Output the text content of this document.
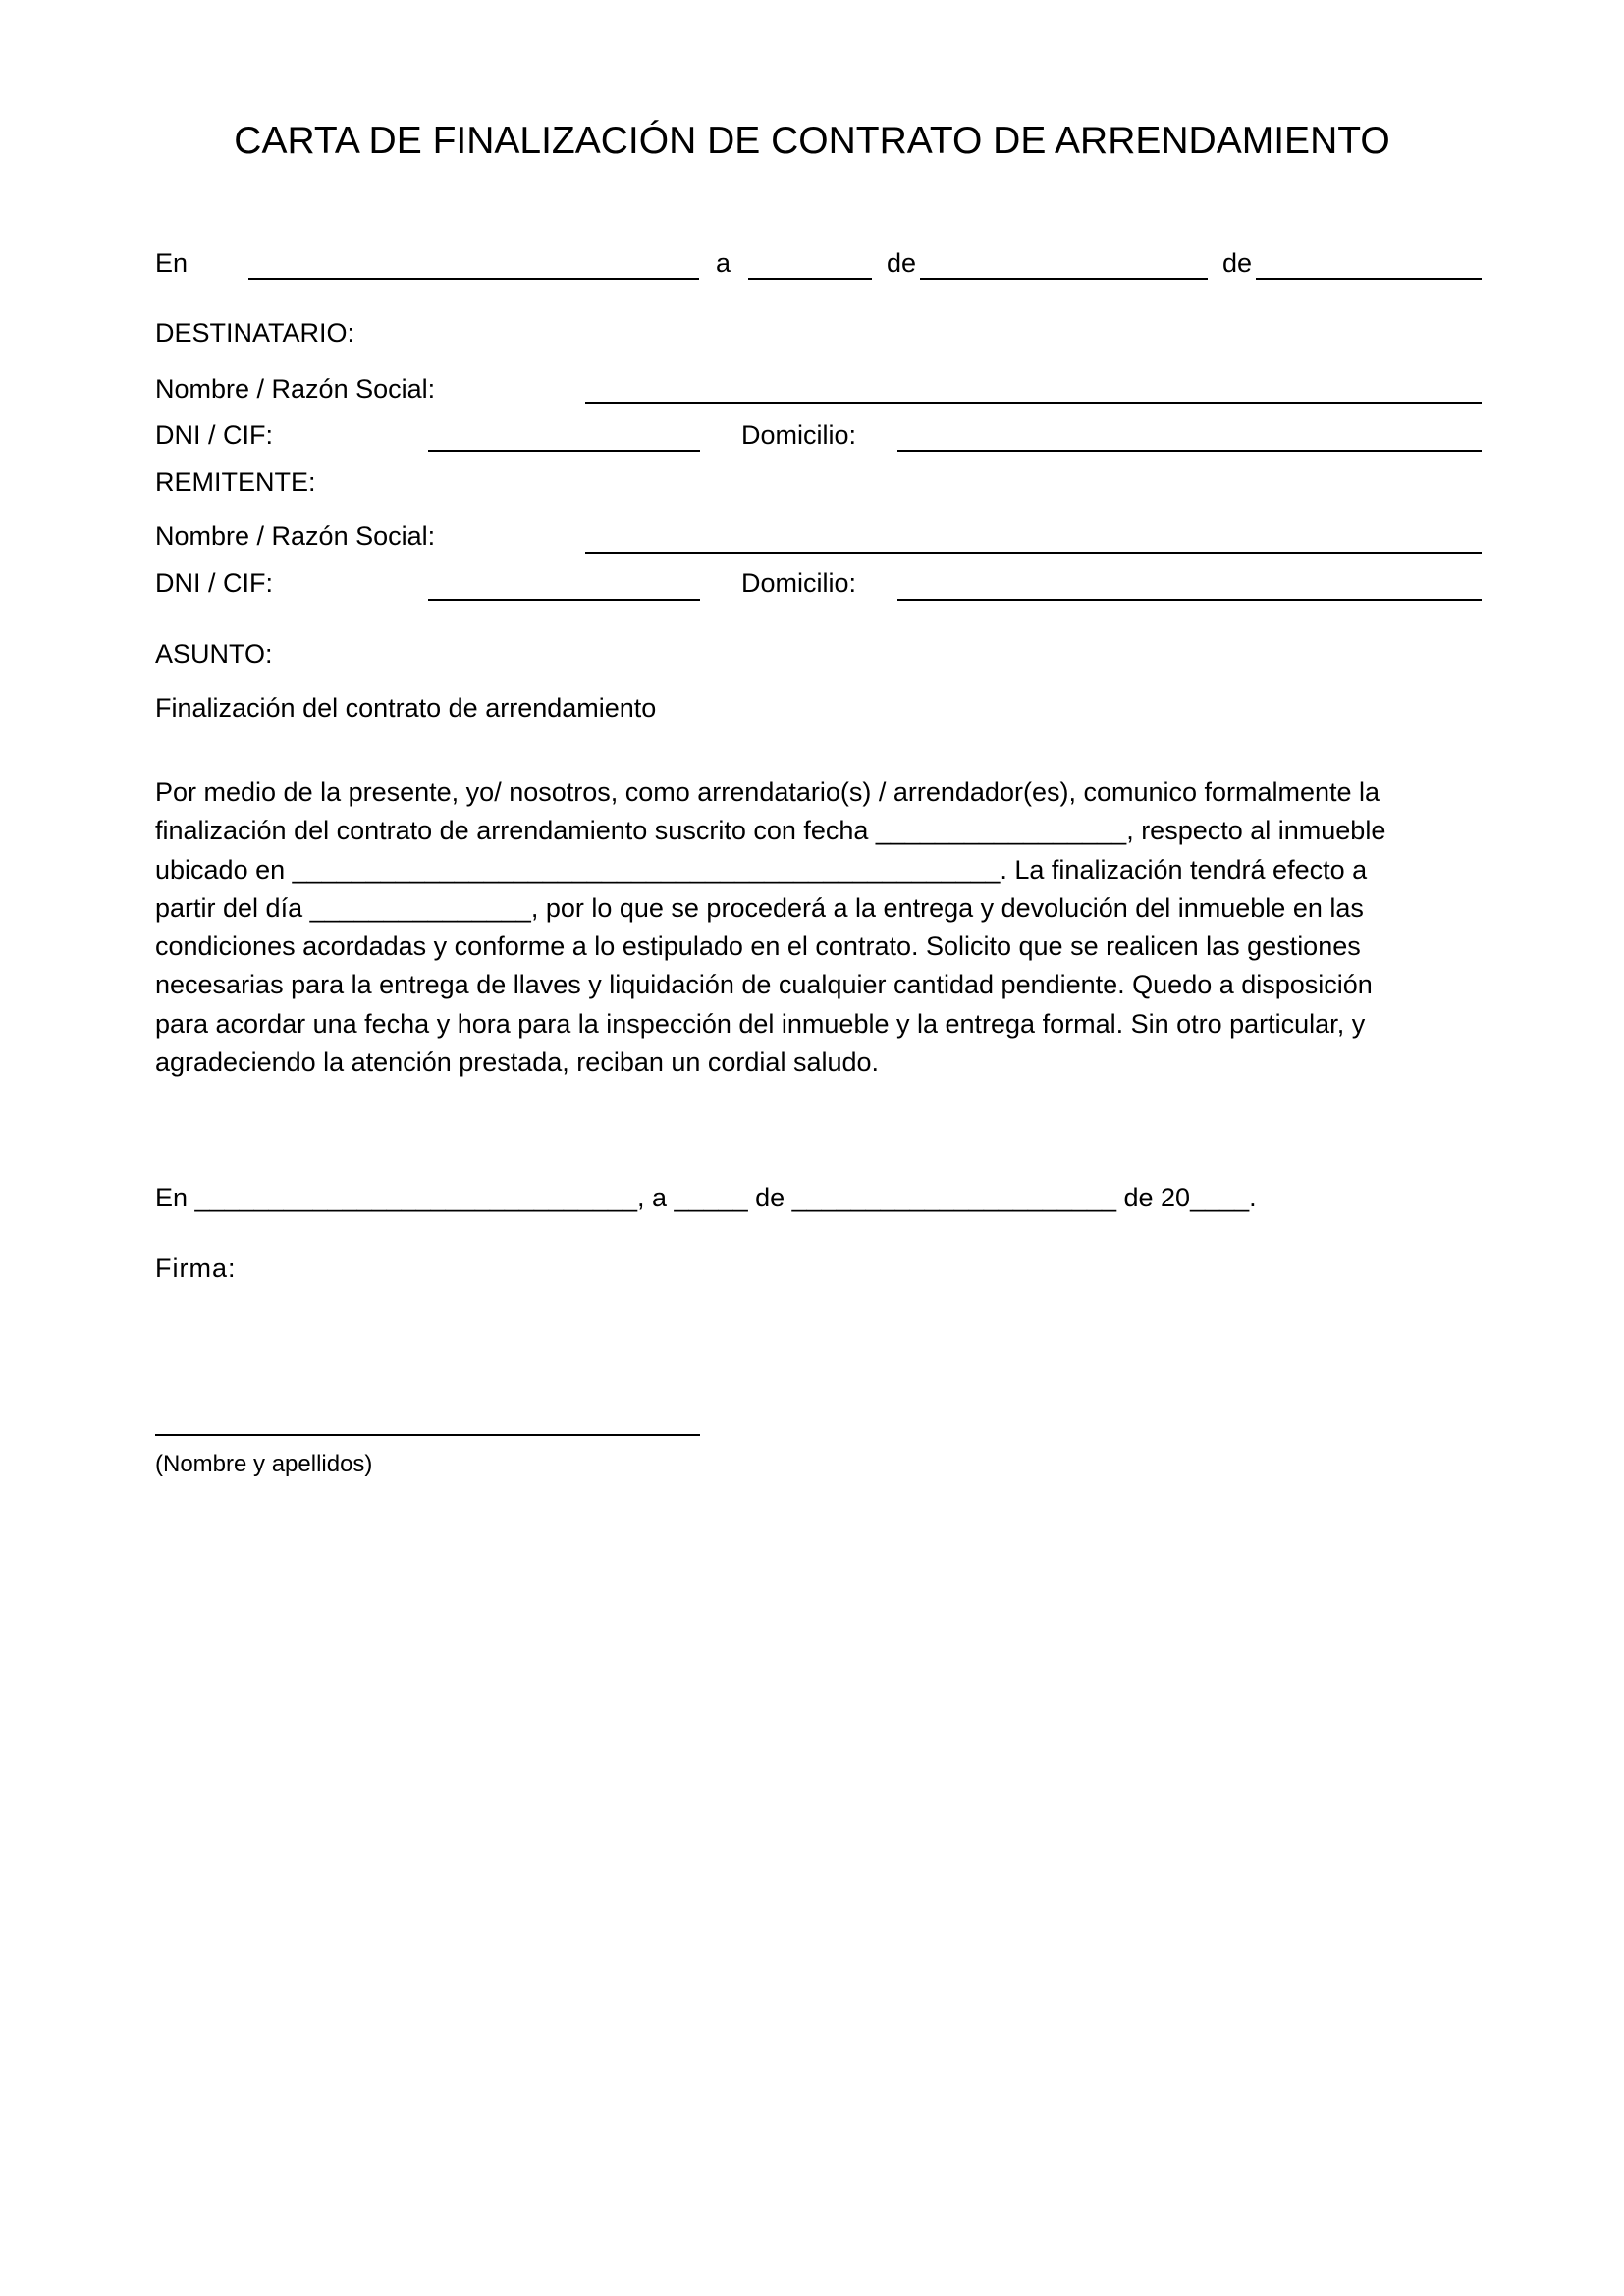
CARTA DE FINALIZACIÓN DE CONTRATO DE ARRENDAMIENTO
En	a	de	de
DESTINATARIO:
Nombre / Razón Social:
DNI / CIF:	Domicilio:
REMITENTE:
Nombre / Razón Social:
DNI / CIF:	Domicilio:
ASUNTO:
Finalización del contrato de arrendamiento
Por medio de la presente, yo/ nosotros, como arrendatario(s) / arrendador(es), comunico formalmente la
finalización del contrato de arrendamiento suscrito con fecha _________________, respecto al inmueble
ubicado en ________________________________________________. La finalización tendrá efecto a
partir del día _______________, por lo que se procederá a la entrega y devolución del inmueble en las
condiciones acordadas y conforme a lo estipulado en el contrato. Solicito que se realicen las gestiones
necesarias para la entrega de llaves y liquidación de cualquier cantidad pendiente. Quedo a disposición
para acordar una fecha y hora para la inspección del inmueble y la entrega formal. Sin otro particular, y
agradeciendo la atención prestada, reciban un cordial saludo.
En ______________________________, a _____ de ______________________ de 20____.
Firma:
(Nombre y apellidos)
